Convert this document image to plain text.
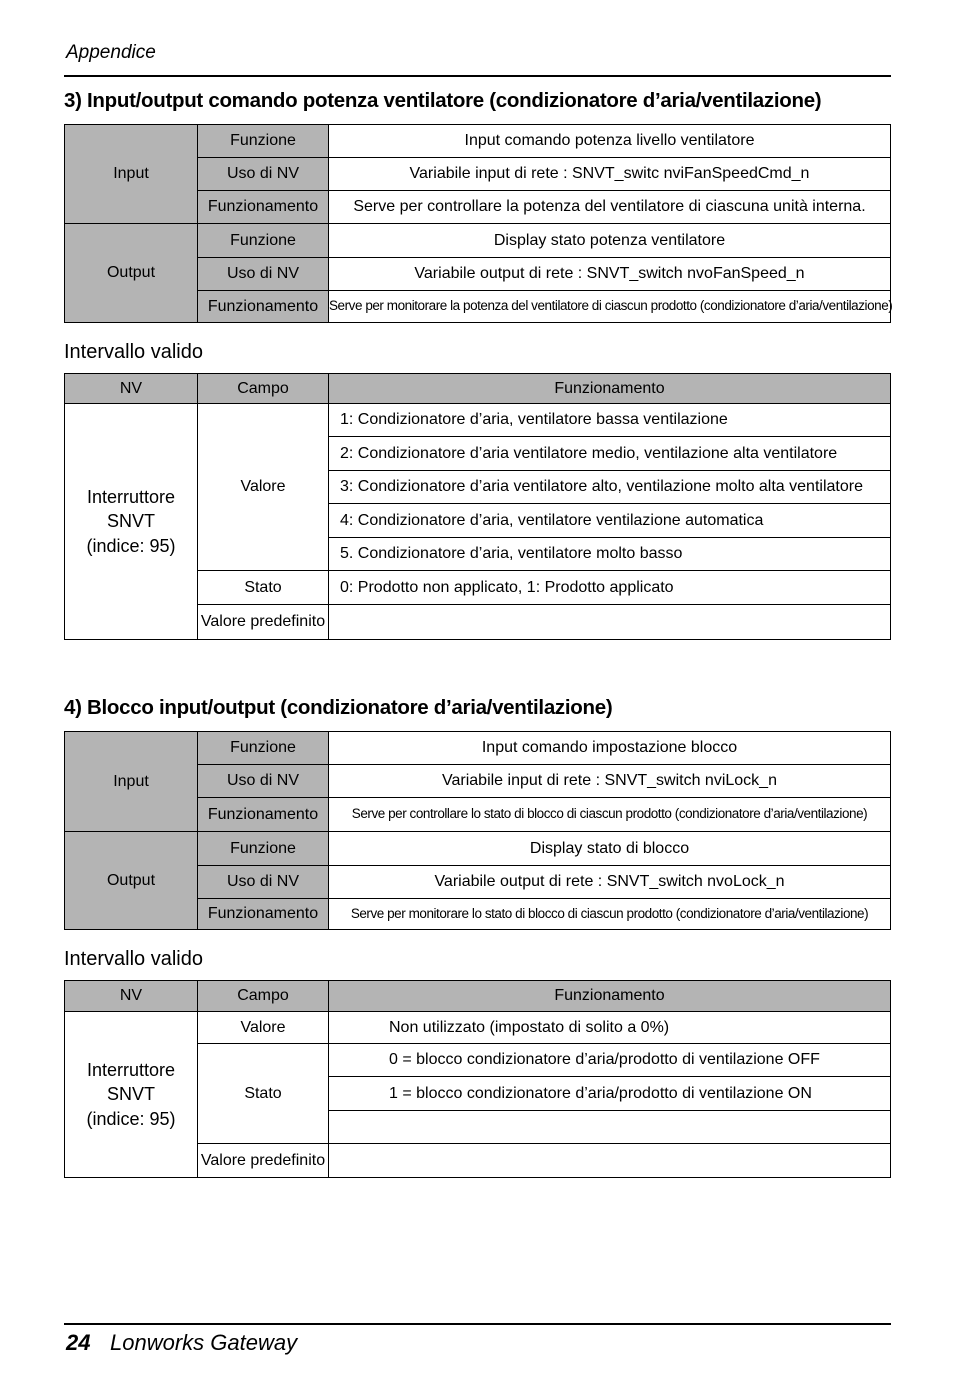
Appendice
3) Input/output comando potenza ventilatore (condizionatore d’aria/ventilazione)
Input	Funzione	Input comando potenza livello ventilatore
	Uso di NV	Variabile input di rete : SNVT_switc nviFanSpeedCmd_n
	Funzionamento	Serve per controllare la potenza del ventilatore di ciascuna unità interna.
Output	Funzione	Display stato potenza ventilatore
	Uso di NV	Variabile output di rete : SNVT_switch nvoFanSpeed_n
	Funzionamento	Serve per monitorare la potenza del ventilatore di ciascun prodotto (condizionatore d’aria/ventilazione)
Intervallo valido
NV	Campo	Funzionamento

Interruttore
SNVT
(indice: 95)	Valore	1: Condizionatore d’aria, ventilatore bassa ventilazione
		2: Condizionatore d’aria ventilatore medio, ventilazione alta ventilatore
		3: Condizionatore d’aria ventilatore alto, ventilazione molto alta ventilatore
		4: Condizionatore d’aria, ventilatore ventilazione automatica
		5. Condizionatore d’aria, ventilatore molto basso
	Stato	0: Prodotto non applicato, 1: Prodotto applicato
	Valore predefinito	
4) Blocco input/output (condizionatore d’aria/ventilazione)
Input	Funzione	Input comando impostazione blocco
	Uso di NV	Variabile input di rete : SNVT_switch nviLock_n
	Funzionamento	Serve per controllare lo stato di blocco di ciascun prodotto (condizionatore d’aria/ventilazione)
Output	Funzione	Display stato di blocco
	Uso di NV	Variabile output di rete : SNVT_switch nvoLock_n
	Funzionamento	Serve per monitorare lo stato di blocco di ciascun prodotto (condizionatore d’aria/ventilazione)
Intervallo valido
NV	Campo	Funzionamento

Interruttore
SNVT
(indice: 95)	Valore	Non utilizzato (impostato di solito a 0%)
	Stato	0 = blocco condizionatore d’aria/prodotto di ventilazione OFF
		1 = blocco condizionatore d’aria/prodotto di ventilazione ON

	Valore predefinito	
24 Lonworks Gateway
